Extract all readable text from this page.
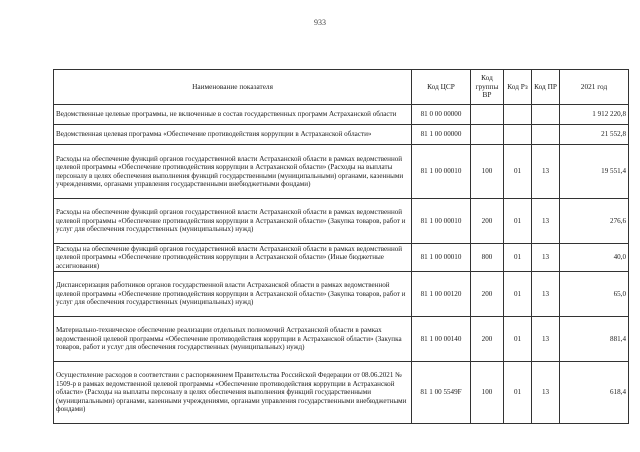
933
Наименование показателя	Код ЦСР	Код группы ВР	Код Рз	Код ПР	2021 год
Ведомственные целевые программы, не включенные в состав государственных программ Астраханской области	81 0 00 00000				1 912 220,8
Ведомственная целевая программа «Обеспечение противодействия коррупции в Астраханской области»	81 1 00 00000				21 552,8
Расходы на обеспечение функций органов государственной власти Астраханской области в рамках ведомственной целевой программы «Обеспечение противодействия коррупции в Астраханской области» (Расходы на выплаты персоналу в целях обеспечения выполнения функций государственными (муниципальными) органами, казенными учреждениями, органами управления государственными внебюджетными фондами)	81 1 00 00010	100	01	13	19 551,4
Расходы на обеспечение функций органов государственной власти Астраханской области в рамках ведомственной целевой программы «Обеспечение противодействия коррупции в Астраханской области» (Закупка товаров, работ и услуг для обеспечения государственных (муниципальных) нужд)	81 1 00 00010	200	01	13	276,6
Расходы на обеспечение функций органов государственной власти Астраханской области в рамках ведомственной целевой программы «Обеспечение противодействия коррупции в Астраханской области» (Иные бюджетные ассигнования)	81 1 00 00010	800	01	13	40,0
Диспансеризация работников органов государственной власти Астраханской области в рамках ведомственной целевой программы «Обеспечение противодействия коррупции в Астраханской области» (Закупка товаров, работ и услуг для обеспечения государственных (муниципальных) нужд)	81 1 00 00120	200	01	13	65,0
Материально-техническое обеспечение реализации отдельных полномочий Астраханской области в рамках ведомственной целевой программы «Обеспечение противодействия коррупции в Астраханской области» (Закупка товаров, работ и услуг для обеспечения государственных (муниципальных) нужд)	81 1 00 00140	200	01	13	881,4
Осуществление расходов в соответствии с распоряжением Правительства Российской Федерации от 08.06.2021 № 1509-р в рамках ведомственной целевой программы «Обеспечение противодействия коррупции в Астраханской области» (Расходы на выплаты персоналу в целях обеспечения выполнения функций государственными (муниципальными) органами, казенными учреждениями, органами управления государственными внебюджетными фондами)	81 1 00 5549F	100	01	13	618,4
